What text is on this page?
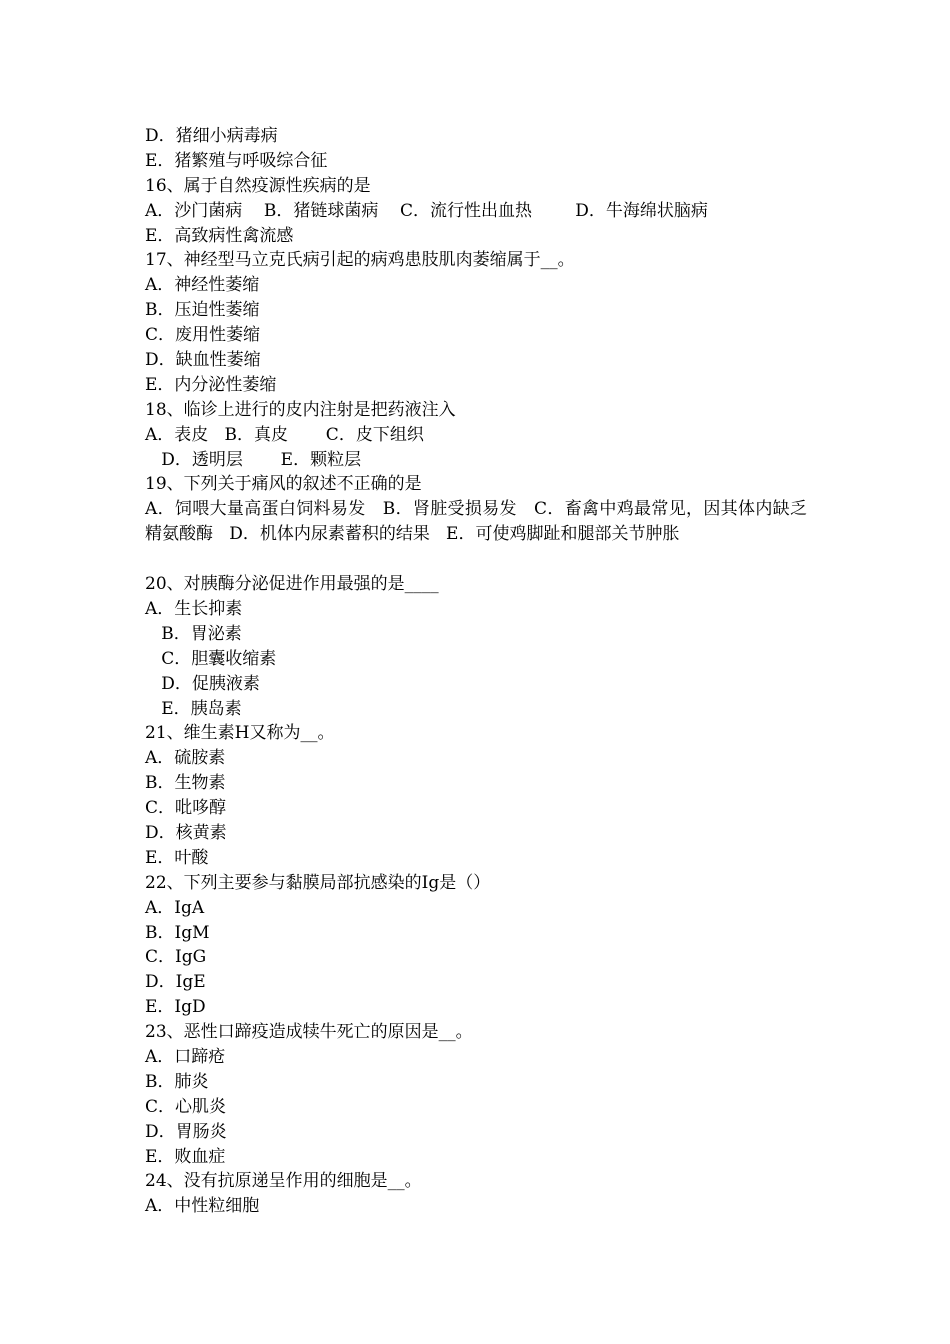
D．猪细小病毒病
E．猪繁殖与呼吸综合征
16、属于自然疫源性疾病的是
A．沙门菌病    B．猪链球菌病    C．流行性出血热        D．牛海绵状脑病
E．高致病性禽流感
17、神经型马立克氏病引起的病鸡患肢肌肉萎缩属于__。
A．神经性萎缩
B．压迫性萎缩
C．废用性萎缩
D．缺血性萎缩
E．内分泌性萎缩
18、临诊上进行的皮内注射是把药液注入
A．表皮   B．真皮       C．皮下组织
D．透明层       E．颗粒层
19、下列关于痛风的叙述不正确的是
A．饲喂大量高蛋白饲料易发   B．肾脏受损易发   C．畜禽中鸡最常见，因其体内缺乏精氨酸酶   D．机体内尿素蓄积的结果   E．可使鸡脚趾和腿部关节肿胀
20、对胰酶分泌促进作用最强的是____
A．生长抑素
B．胃泌素
C．胆囊收缩素
D．促胰液素
E．胰岛素
21、维生素H又称为__。
A．硫胺素
B．生物素
C．吡哆醇
D．核黄素
E．叶酸
22、下列主要参与黏膜局部抗感染的Ig是（）
A．IgA
B．IgM
C．IgG
D．IgE
E．IgD
23、恶性口蹄疫造成犊牛死亡的原因是__。
A．口蹄疮
B．肺炎
C．心肌炎
D．胃肠炎
E．败血症
24、没有抗原递呈作用的细胞是__。
A．中性粒细胞
